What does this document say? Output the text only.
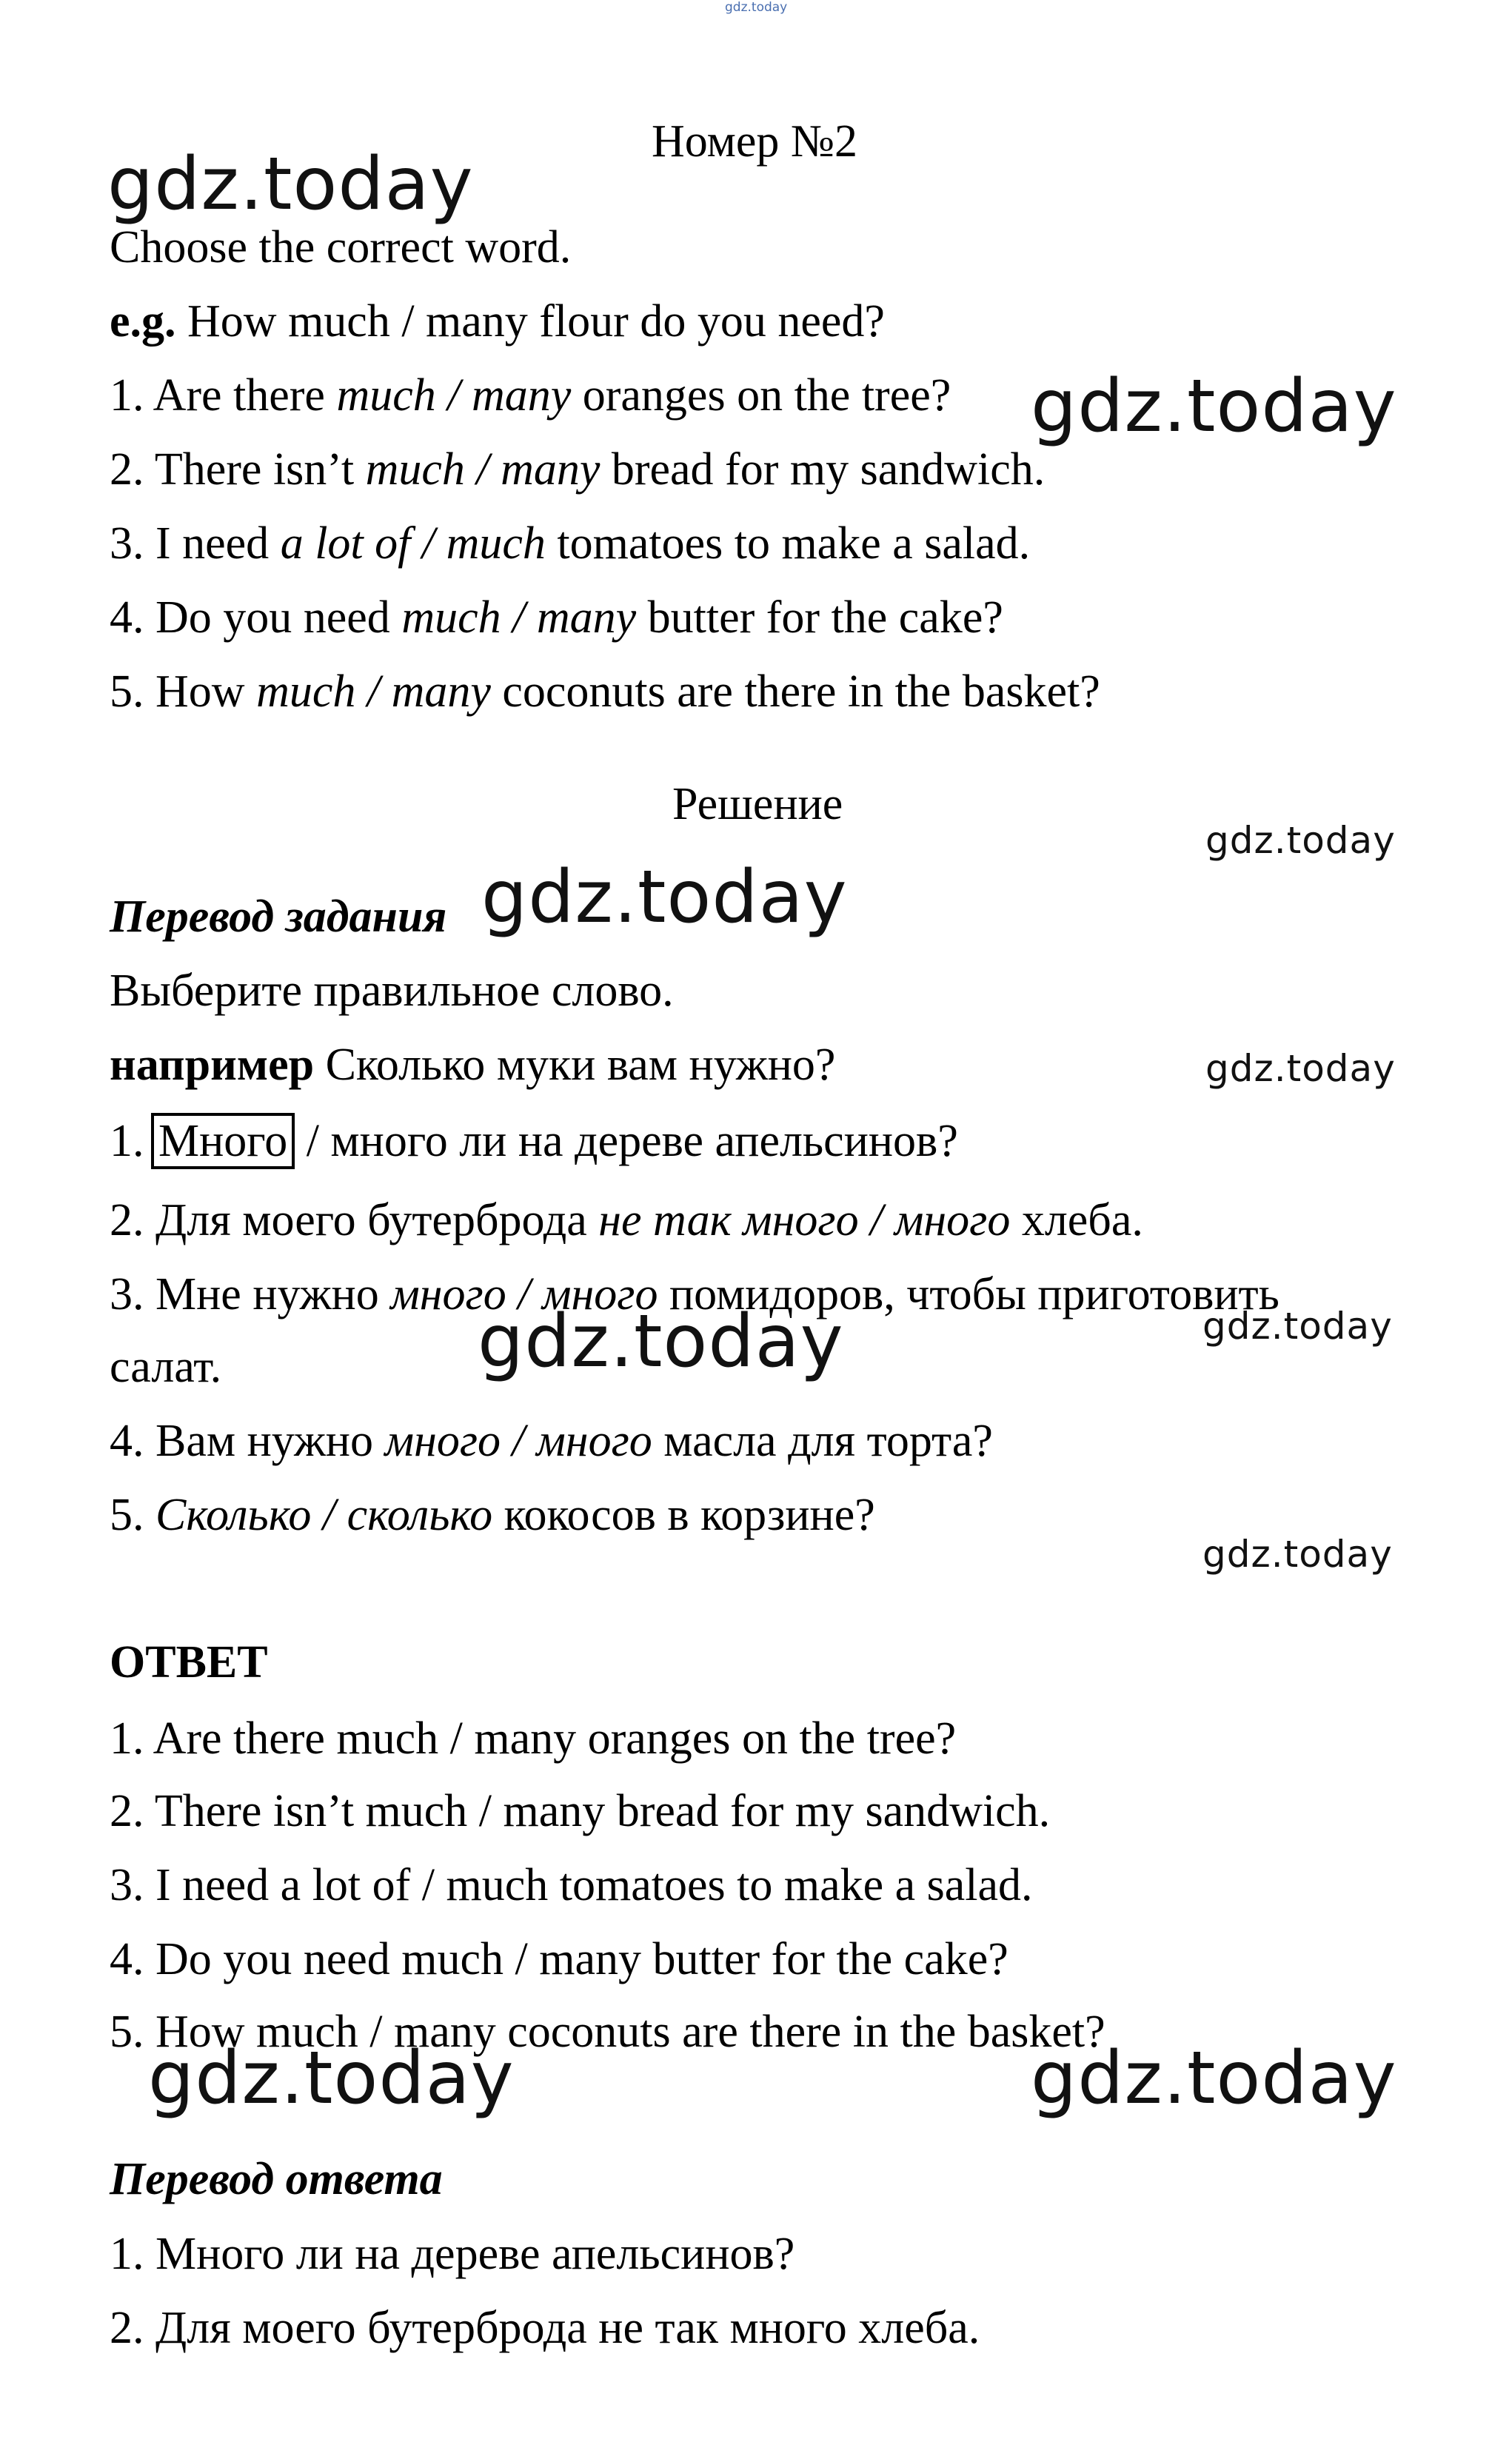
gdz.today
Номер №2
Choose the correct word.
e.g. How much / many flour do you need?
1. Are there much / many oranges on the tree?
2. There isn’t much / many bread for my sandwich.
3. I need a lot of / much tomatoes to make a salad.
4. Do you need much / many butter for the cake?
5. How much / many coconuts are there in the basket?
Решение
Перевод задания
Выберите правильное слово.
например Сколько муки вам нужно?
1. Много / много ли на дереве апельсинов?
2. Для моего бутерброда не так много / много хлеба.
3. Мне нужно много / много помидоров, чтобы приготовить
салат.
4. Вам нужно много / много масла для торта?
5. Сколько / сколько кокосов в корзине?
ОТВЕТ
1. Are there much / many oranges on the tree?
2. There isn’t much / many bread for my sandwich.
3. I need a lot of / much tomatoes to make a salad.
4. Do you need much / many butter for the cake?
5. How much / many coconuts are there in the basket?
Перевод ответа
1. Много ли на дереве апельсинов?
2. Для моего бутерброда не так много хлеба.
gdz.today
gdz.today
gdz.today
gdz.today
gdz.today
gdz.today	gdz.today
gdz.today
gdz.today	gdz.today
